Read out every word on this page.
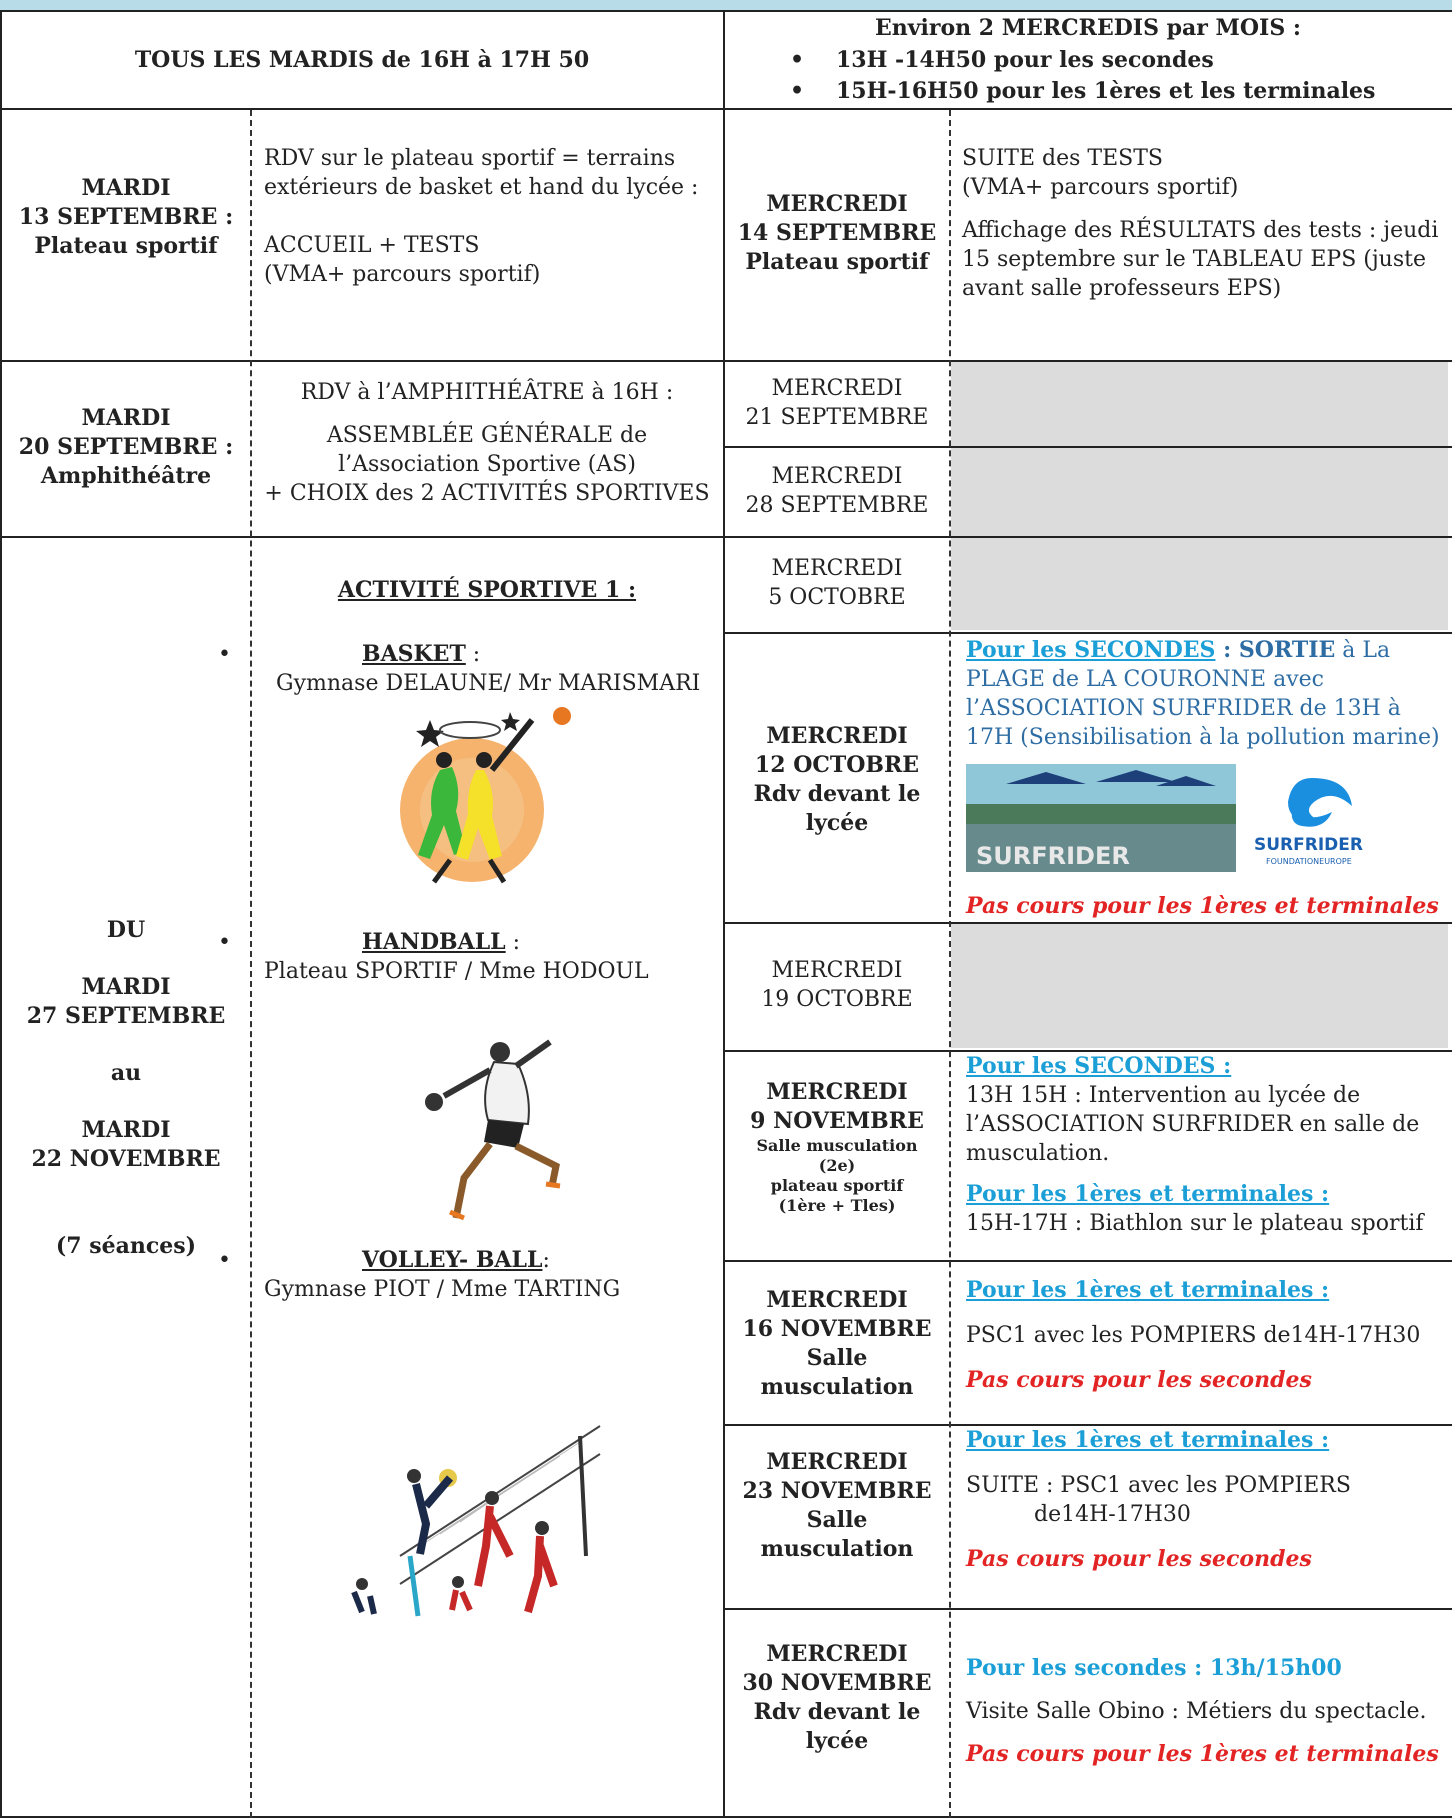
TOUS LES MARDIS de 16H à 17H 50
Environ 2 MERCREDIS par MOIS :
• 13H -14H50 pour les secondes
• 15H-16H50 pour les 1ères et les terminales

MARDI

13 SEPTEMBRE :

Plateau sportif

RDV sur le plateau sportif = terrains extérieurs de basket et hand du lycée :

ACCUEIL + TESTS

(VMA+ parcours sportif)

MERCREDI

14 SEPTEMBRE

Plateau sportif

SUITE des TESTS

(VMA+ parcours sportif)

Affichage des RÉSULTATS des tests : jeudi 15 septembre sur le TABLEAU EPS (juste avant salle professeurs EPS)

MARDI

20 SEPTEMBRE :

Amphithéâtre

RDV à l’AMPHITHÉÂTRE à 16H :

ASSEMBLÉE GÉNÉRALE de

l’Association Sportive (AS)

+ CHOIX des 2 ACTIVITÉS SPORTIVES

MERCREDI

21 SEPTEMBRE

MERCREDI

28 SEPTEMBRE

DU

MARDI

27 SEPTEMBRE

au

MARDI

22 NOVEMBRE

(7 séances)

ACTIVITÉ SPORTIVE 1 :

• BASKET :

Gymnase DELAUNE/ Mr MARISMARI

• HANDBALL :

Plateau SPORTIF / Mme HODOUL

• VOLLEY- BALL:

Gymnase PIOT / Mme TARTING

MERCREDI

5 OCTOBRE

MERCREDI

12 OCTOBRE

Rdv devant le

lycée

Pour les SECONDES : SORTIE à La PLAGE de LA COURONNE avec l’ASSOCIATION SURFRIDER de 13H à 17H (Sensibilisation à la pollution marine)
SURFRIDER	SURFRIDER
FOUNDATIONEUROPE
Pas cours pour les 1ères et terminales

MERCREDI

19 OCTOBRE

MERCREDI

9 NOVEMBRE

Salle musculation

(2e)

plateau sportif

(1ère + Tles)

Pour les SECONDES :

13H 15H : Intervention au lycée de l’ASSOCIATION SURFRIDER en salle de musculation.

Pour les 1ères et terminales :

15H-17H : Biathlon sur le plateau sportif

MERCREDI

16 NOVEMBRE

Salle

musculation

Pour les 1ères et terminales :

PSC1 avec les POMPIERS de14H-17H30

Pas cours pour les secondes

MERCREDI

23 NOVEMBRE

Salle

musculation

Pour les 1ères et terminales :

SUITE : PSC1 avec les POMPIERS

de14H-17H30

Pas cours pour les secondes

MERCREDI

30 NOVEMBRE

Rdv devant le

lycée

Pour les secondes : 13h/15h00

Visite Salle Obino : Métiers du spectacle.

Pas cours pour les 1ères et terminales
